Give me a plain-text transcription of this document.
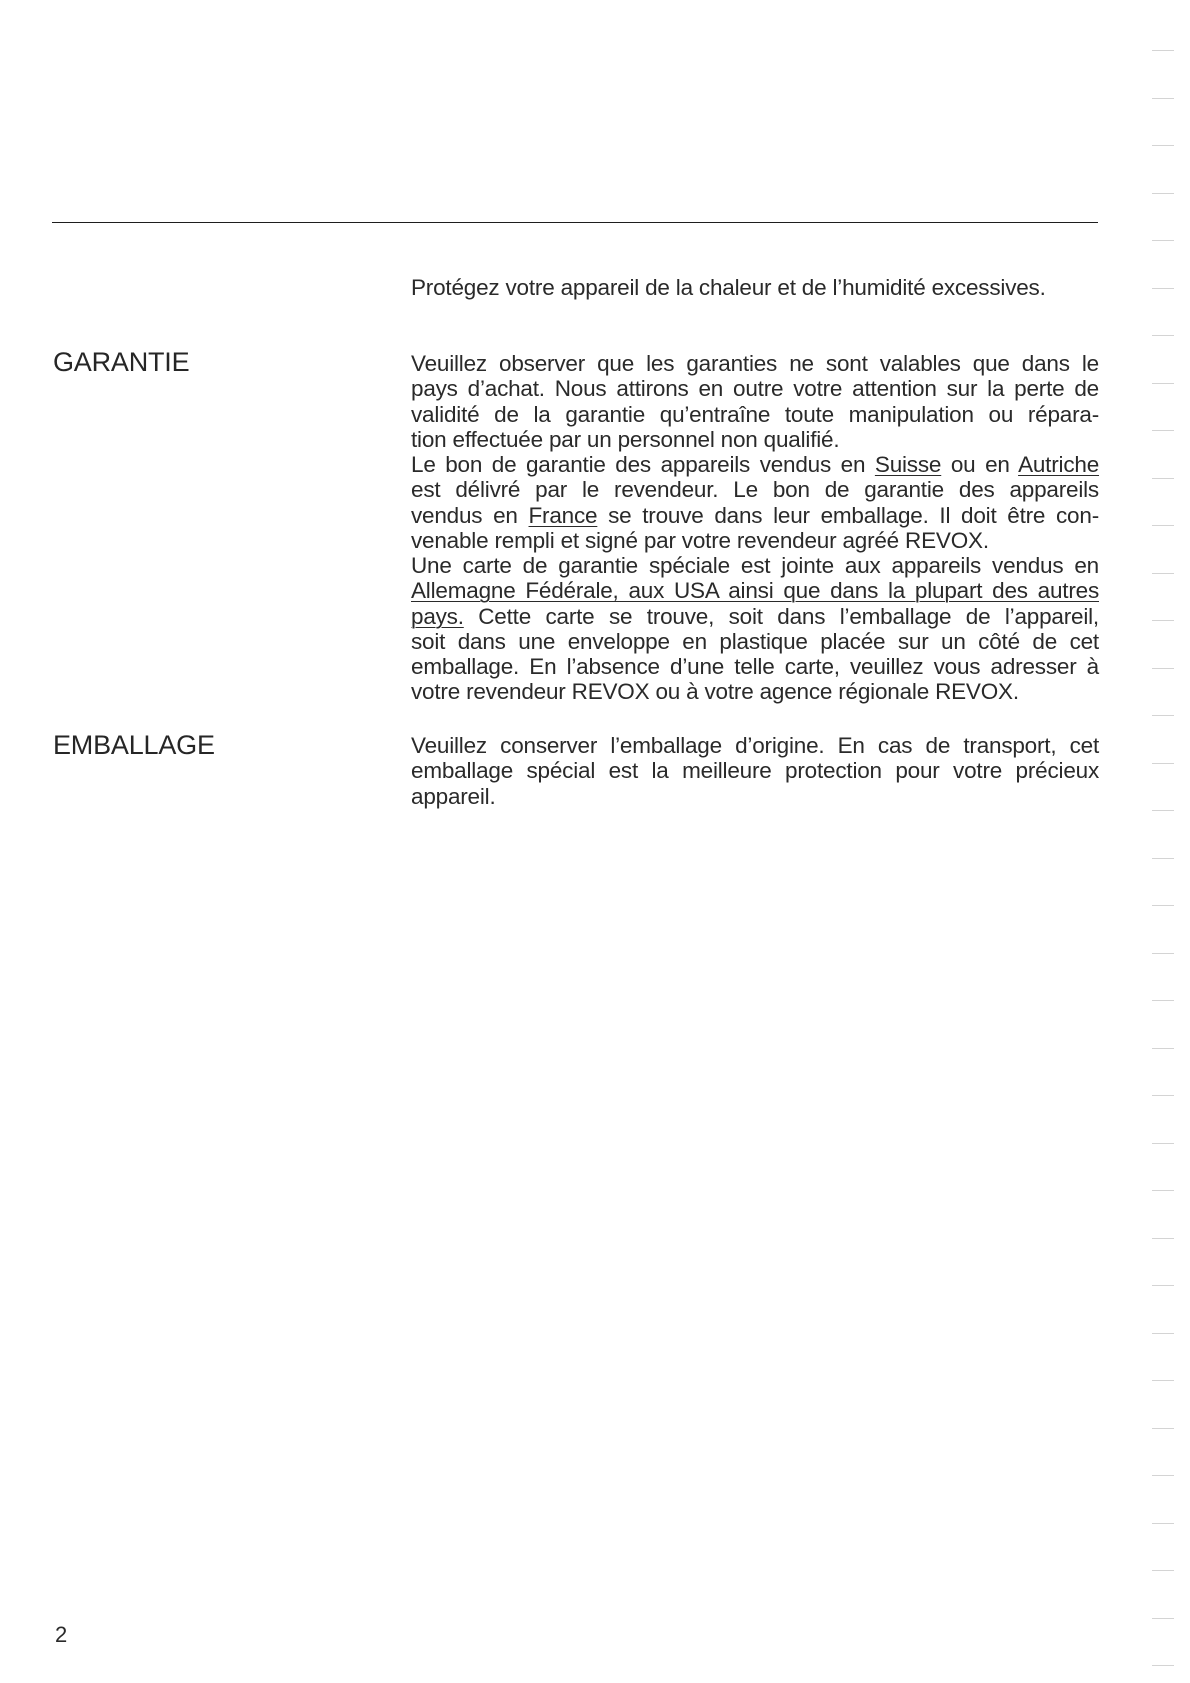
Protégez votre appareil de la chaleur et de l’humidité excessives.

GARANTIE	Veuillez observer que les garanties ne sont valables que dans le
pays d’achat. Nous attirons en outre votre attention sur la perte de
validité de la garantie qu’entraîne toute manipulation ou répara-
tion effectuée par un personnel non qualifié.

Le bon de garantie des appareils vendus en Suisse ou en Autriche
est délivré par le revendeur. Le bon de garantie des appareils
vendus en France se trouve dans leur emballage. Il doit être con-
venable rempli et signé par votre revendeur agréé REVOX.

Une carte de garantie spéciale est jointe aux appareils vendus en
Allemagne Fédérale, aux USA ainsi que dans la plupart des autres
pays. Cette carte se trouve, soit dans l’emballage de l’appareil,
soit dans une enveloppe en plastique placée sur un côté de cet
emballage. En l’absence d’une telle carte, veuillez vous adresser à
votre revendeur REVOX ou à votre agence régionale REVOX.

EMBALLAGE	Veuillez conserver l’emballage d’origine. En cas de transport, cet
emballage spécial est la meilleure protection pour votre précieux
appareil.

2
